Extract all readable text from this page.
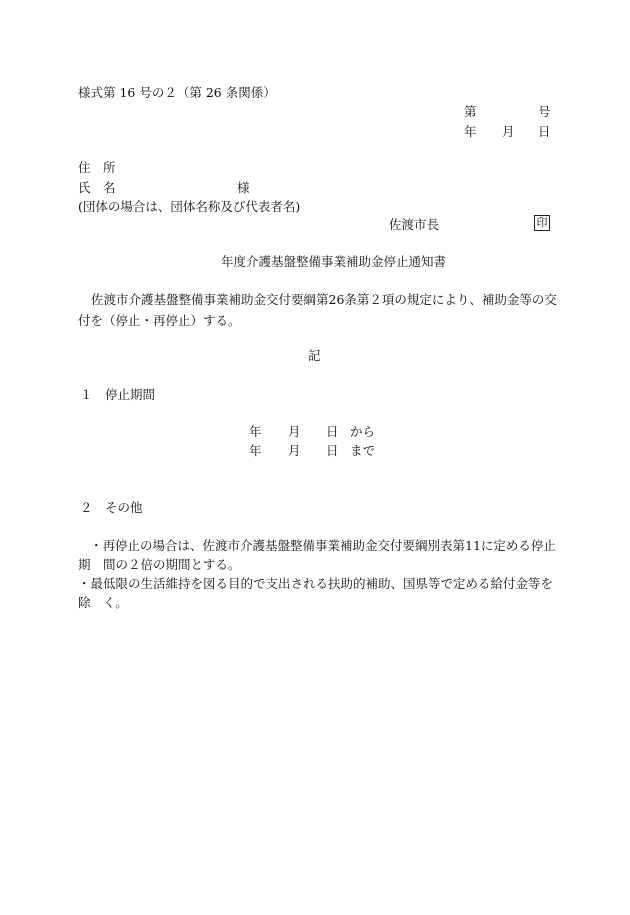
様式第 16 号の２（第 26 条関係）
第	号
年 月 日
住　所
氏　名	様
(団体の場合は、団体名称及び代表者名)
佐渡市長	印
年度介護基盤整備事業補助金停止通知書
佐渡市介護基盤整備事業補助金交付要綱第26条第２項の規定により、補助金等の交
付を（停止・再停止）する。
記
１　停止期間
年 月 日 から
年 月 日 まで
２　その他
・再停止の場合は、佐渡市介護基盤整備事業補助金交付要綱別表第11に定める停止
期　間の２倍の期間とする。
・最低限の生活維持を図る目的で支出される扶助的補助、国県等で定める給付金等を
除　く。
